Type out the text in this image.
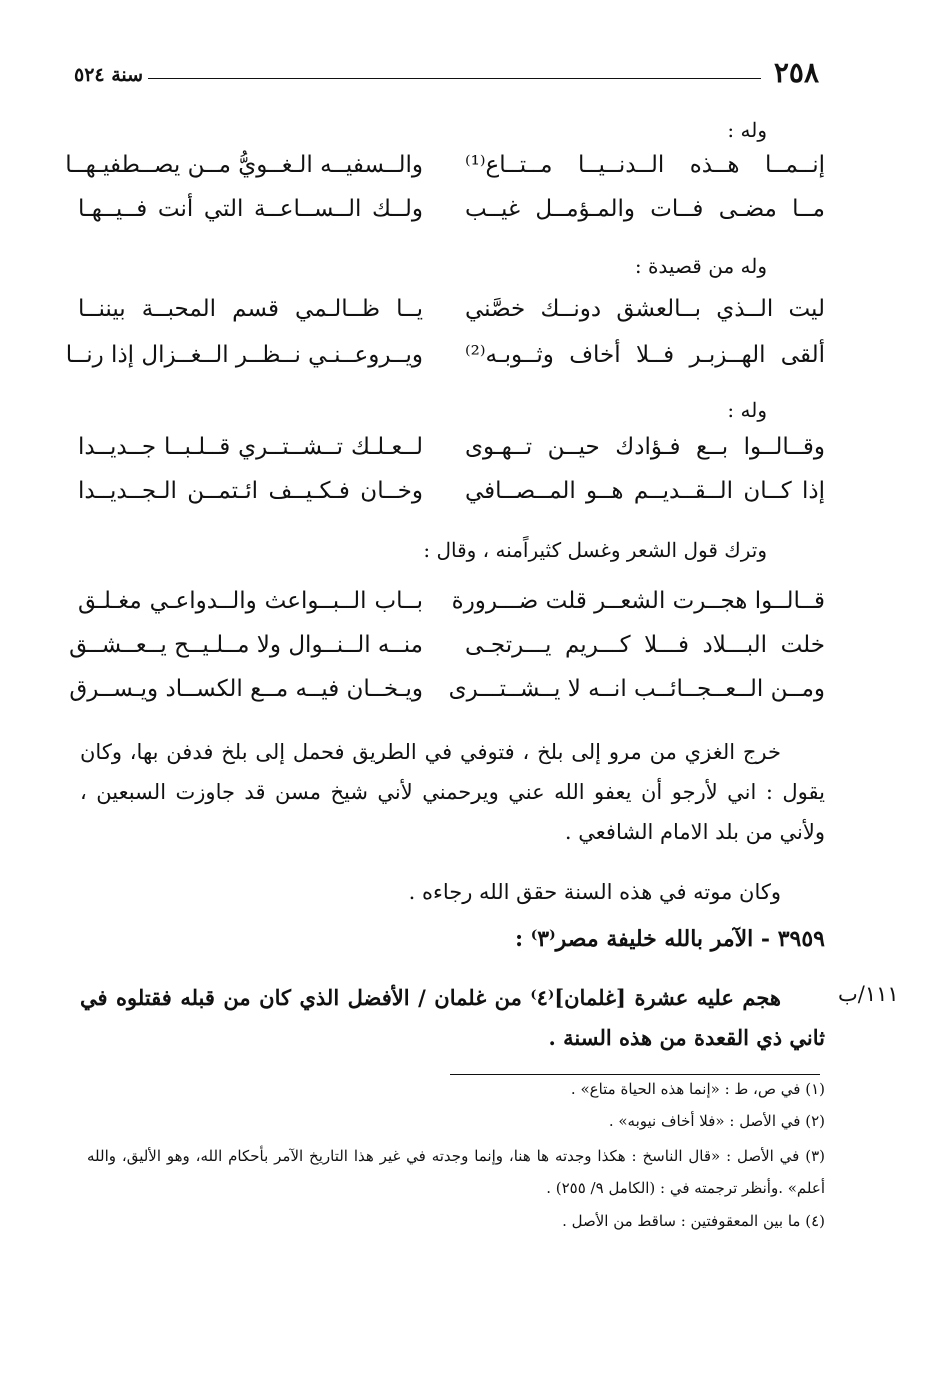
٢٥٨
سنة ٥٢٤
وله :
إنــمــا هــذه الــدنــيــا مــتــاع⁽¹⁾
والــسفيــه الـغــويُّ مــن يصــطفيـهــا
مــا مضـى فــات والمـؤمــل غيــب
ولــك الــســاعــة التي أنت فــيــهـا
وله من قصيدة :
ليت الــذي بــالعشق دونــك خصَّني
يــا ظــالـمي قسم المحبــة بيننــا
ألقى الهــزبـر فــلا أخاف وثــوبـه⁽²⁾
ويــروعــنـي نــظــر الــغــزال إذا رنــا
وله :
وقــالــوا بــع فـؤادك حيــن تــهـوى
لــعـلـك تــشــتــري قــلـبــا جــديــدا
إذا كــان الــقــديــم هــو المــصــافي
وخــان فـكـيــف ائـتمــن الـجــديــدا
وترك قول الشعر وغسل كثيراًمنه ، وقال :
قــالــوا هجــرت الشعــر قلت ضـــرورة
بــاب الــبــواعث والــدواعـي مغـلـق
خلت البـــلاد فـــلا كـــريم يـــرتجـى
منــه الــنــوال ولا مــلـيــح يــعــشــق
ومــن الــعــجــائــب انــه لا يــشــتـــرى
ويـخــان فيــه مــع الكســاد ويـســرق
خرج الغزي من مرو إلى بلخ ، فتوفي في الطريق فحمل إلى بلخ فدفن بها، وكان يقول : اني لأرجو أن يعفو الله عني ويرحمني لأني شيخ مسن قد جاوزت السبعين ، ولأني من بلد الامام الشافعي .
وكان موته في هذه السنة حقق الله رجاءه .
٣٩٥٩ - الآمر بالله خليفة مصر⁽٣⁾ :
١١١/ب
هجم عليه عشرة [غلمان]⁽٤⁾ من غلمان / الأفضل الذي كان من قبله فقتلوه في ثاني ذي القعدة من هذه السنة .
(١) في ص، ط : «إنما هذه الحياة متاع» .
(٢) في الأصل : «فلا أخاف نيوبه» .
(٣) في الأصل : «قال الناسخ : هكذا وجدته ها هنا، وإنما وجدته في غير هذا التاريخ الآمر بأحكام الله، وهو الأليق، والله أعلم» .وأنظر ترجمته في : (الكامل ٩/ ٢٥٥) .
(٤) ما بين المعقوفتين : ساقط من الأصل .
